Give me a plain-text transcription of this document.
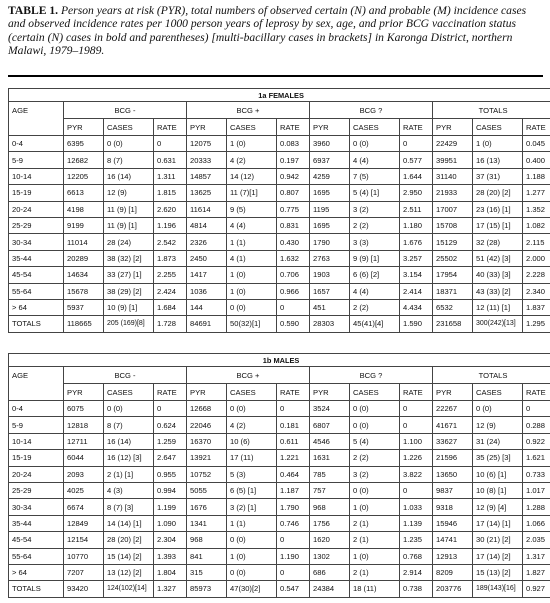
TABLE 1. Person years at risk (PYR), total numbers of observed certain (N) and probable (M) incidence cases and observed incidence rates per 1000 person years of leprosy by sex, age, and prior BCG vaccination status (certain (N) cases in bold and parentheses) [multi-bacillary cases in brackets] in Karonga District, northern Malawi, 1979–1989.
1a FEMALES												
AGE	BCG -			BCG +			BCG ?			TOTALS		
	PYR	CASES	RATE	PYR	CASES	RATE	PYR	CASES	RATE	PYR	CASES	RATE
0-4	6395	0 (0)	0	12075	1 (0)	0.083	3960	0 (0)	0	22429	1 (0)	0.045
5-9	12682	8 (7)	0.631	20333	4 (2)	0.197	6937	4 (4)	0.577	39951	16 (13)	0.400
10-14	12205	16 (14)	1.311	14857	14 (12)	0.942	4259	7 (5)	1.644	31140	37 (31)	1.188
15-19	6613	12 (9)	1.815	13625	11 (7)[1]	0.807	1695	5 (4) [1]	2.950	21933	28 (20) [2]	1.277
20-24	4198	11 (9) [1]	2.620	11614	9 (5)	0.775	1195	3 (2)	2.511	17007	23 (16) [1]	1.352
25-29	9199	11 (9) [1]	1.196	4814	4 (4)	0.831	1695	2 (2)	1.180	15708	17 (15) [1]	1.082
30-34	11014	28 (24)	2.542	2326	1 (1)	0.430	1790	3 (3)	1.676	15129	32 (28)	2.115
35-44	20289	38 (32) [2]	1.873	2450	4 (1)	1.632	2763	9 (9) [1]	3.257	25502	51 (42) [3]	2.000
45-54	14634	33 (27) [1]	2.255	1417	1 (0)	0.706	1903	6 (6) [2]	3.154	17954	40 (33) [3]	2.228
55-64	15678	38 (29) [2]	2.424	1036	1 (0)	0.966	1657	4 (4)	2.414	18371	43 (33) [2]	2.340
> 64	5937	10 (9) [1]	1.684	144	0 (0)	0	451	2 (2)	4.434	6532	12 (11) [1]	1.837
TOTALS	118665	205 (169)[8]	1.728	84691	50(32)[1]	0.590	28303	45(41)[4]	1.590	231658	300(242)[13]	1.295
1b MALES												
AGE	BCG -			BCG +			BCG ?			TOTALS		
	PYR	CASES	RATE	PYR	CASES	RATE	PYR	CASES	RATE	PYR	CASES	RATE
0-4	6075	0 (0)	0	12668	0 (0)	0	3524	0 (0)	0	22267	0 (0)	0
5-9	12818	8 (7)	0.624	22046	4 (2)	0.181	6807	0 (0)	0	41671	12 (9)	0.288
10-14	12711	16 (14)	1.259	16370	10 (6)	0.611	4546	5 (4)	1.100	33627	31 (24)	0.922
15-19	6044	16 (12) [3]	2.647	13921	17 (11)	1.221	1631	2 (2)	1.226	21596	35 (25) [3]	1.621
20-24	2093	2 (1) [1]	0.955	10752	5 (3)	0.464	785	3 (2)	3.822	13650	10 (6) [1]	0.733
25-29	4025	4 (3)	0.994	5055	6 (5) [1]	1.187	757	0 (0)	0	9837	10 (8) [1]	1.017
30-34	6674	8 (7) [3]	1.199	1676	3 (2) [1]	1.790	968	1 (0)	1.033	9318	12 (9) [4]	1.288
35-44	12849	14 (14) [1]	1.090	1341	1 (1)	0.746	1756	2 (1)	1.139	15946	17 (14) [1]	1.066
45-54	12154	28 (20) [2]	2.304	968	0 (0)	0	1620	2 (1)	1.235	14741	30 (21) [2]	2.035
55-64	10770	15 (14) [2]	1.393	841	1 (0)	1.190	1302	1 (0)	0.768	12913	17 (14) [2]	1.317
> 64	7207	13 (12) [2]	1.804	315	0 (0)	0	686	2 (1)	2.914	8209	15 (13) [2]	1.827
TOTALS	93420	124(102)[14]	1.327	85973	47(30)[2]	0.547	24384	18 (11)	0.738	203776	189(143)[16]	0.927
